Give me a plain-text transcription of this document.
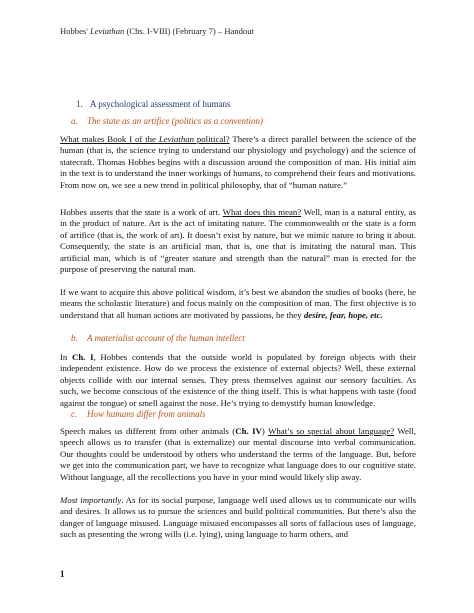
Hobbes' Leviathan (Chs. I-VIII) (February 7) – Handout
1. A psychological assessment of humans
a. The state as an artifice (politics as a convention)

What makes Book I of the Leviathan political? There’s a direct parallel between the science of the human (that is, the science trying to understand our physiology and psychology) and the science of statecraft. Thomas Hobbes begins with a discussion around the composition of man. His initial aim in the text is to understand the inner workings of humans, to comprehend their fears and motivations. From now on, we see a new trend in political philosophy, that of “human nature.”

Hobbes asserts that the state is a work of art. What does this mean? Well, man is a natural entity, as in the product of nature. Art is the act of imitating nature. The commonwealth or the state is a form of artifice (that is, the work of art). It doesn’t exist by nature, but we mimic nature to bring it about. Consequently, the state is an artificial man, that is, one that is imitating the natural man. This artificial man, which is of “greater stature and strength than the natural” man is erected for the purpose of preserving the natural man.

If we want to acquire this above political wisdom, it’s best we abandon the studies of books (here, he means the scholastic literature) and focus mainly on the composition of man. The first objective is to understand that all human actions are motivated by passions, be they desire, fear, hope, etc.

b. A materialist account of the human intellect

In Ch. I, Hobbes contends that the outside world is populated by foreign objects with their independent existence. How do we process the existence of external objects? Well, these external objects collide with our internal senses. They press themselves against our sensory faculties. As such, we become conscious of the existence of the thing itself. This is what happens with taste (food against the tongue) or smell against the nose. He’s trying to demystify human knowledge.

c. How humans differ from animals

Speech makes us different from other animals (Ch. IV) What’s so special about language? Well, speech allows us to transfer (that is externalize) our mental discourse into verbal communication. Our thoughts could be understood by others who understand the terms of the language. But, before we get into the communication part, we have to recognize what language does to our cognitive state. Without language, all the recollections you have in your mind would likely slip away.

Most importantly. As for its social purpose, language well used allows us to communicate our wills and desires. It allows us to pursue the sciences and build political communities. But there’s also the danger of language misused. Language misused encompasses all sorts of fallacious uses of language, such as presenting the wrong wills (i.e. lying), using language to harm others, and

1
